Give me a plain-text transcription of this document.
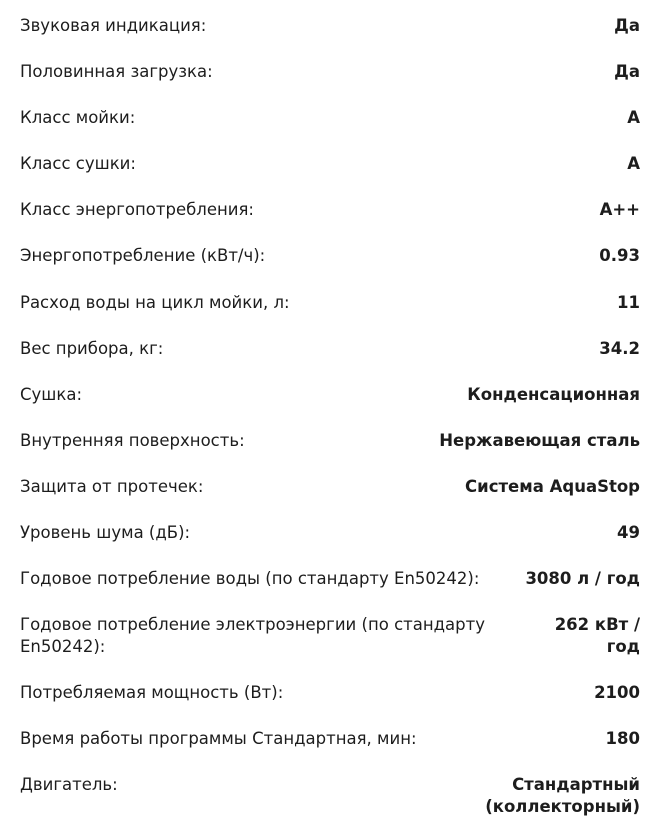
Звуковая индикация:	Да
Половинная загрузка:	Да
Класс мойки:	A
Класс сушки:	A
Класс энергопотребления:	A++
Энергопотребление (кВт/ч):	0.93
Расход воды на цикл мойки, л:	11
Вес прибора, кг:	34.2
Сушка:	Конденсационная
Внутренняя поверхность:	Нержавеющая сталь
Защита от протечек:	Система AquaStop
Уровень шума (дБ):	49
Годовое потребление воды (по стандарту En50242):	3080 л / год
Годовое потребление электроэнергии (по стандарту En50242):
262 кВт / год
Потребляемая мощность (Вт):	2100
Время работы программы Стандартная, мин:	180
Двигатель:	Стандартный (коллекторный)
